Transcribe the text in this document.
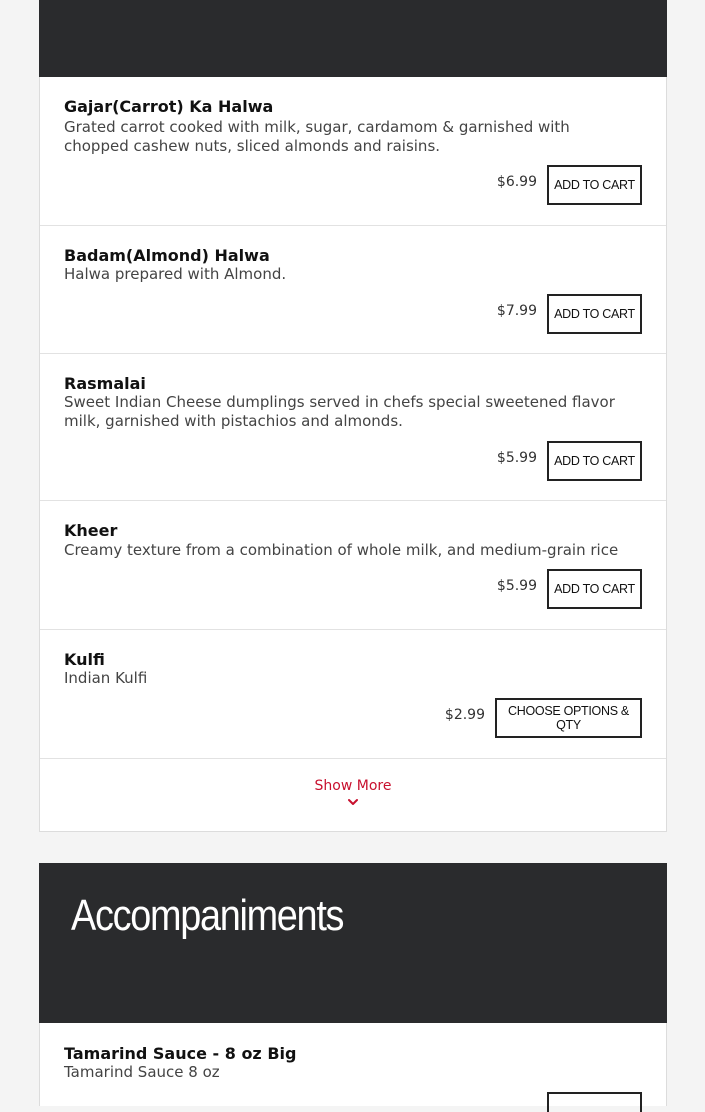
Gajar(Carrot) Ka Halwa
Grated carrot cooked with milk, sugar, cardamom & garnished with chopped cashew nuts, sliced almonds and raisins.
$6.99	ADD TO CART
Badam(Almond) Halwa
Halwa prepared with Almond.
$7.99	ADD TO CART
Rasmalai
Sweet Indian Cheese dumplings served in chefs special sweetened flavor milk, garnished with pistachios and almonds.
$5.99	ADD TO CART
Kheer
Creamy texture from a combination of whole milk, and medium-grain rice
$5.99	ADD TO CART
Kulfi
Indian Kulfi
$2.99	CHOOSE OPTIONS & QTY
Show More
Accompaniments
Tamarind Sauce - 8 oz Big
Tamarind Sauce 8 oz
